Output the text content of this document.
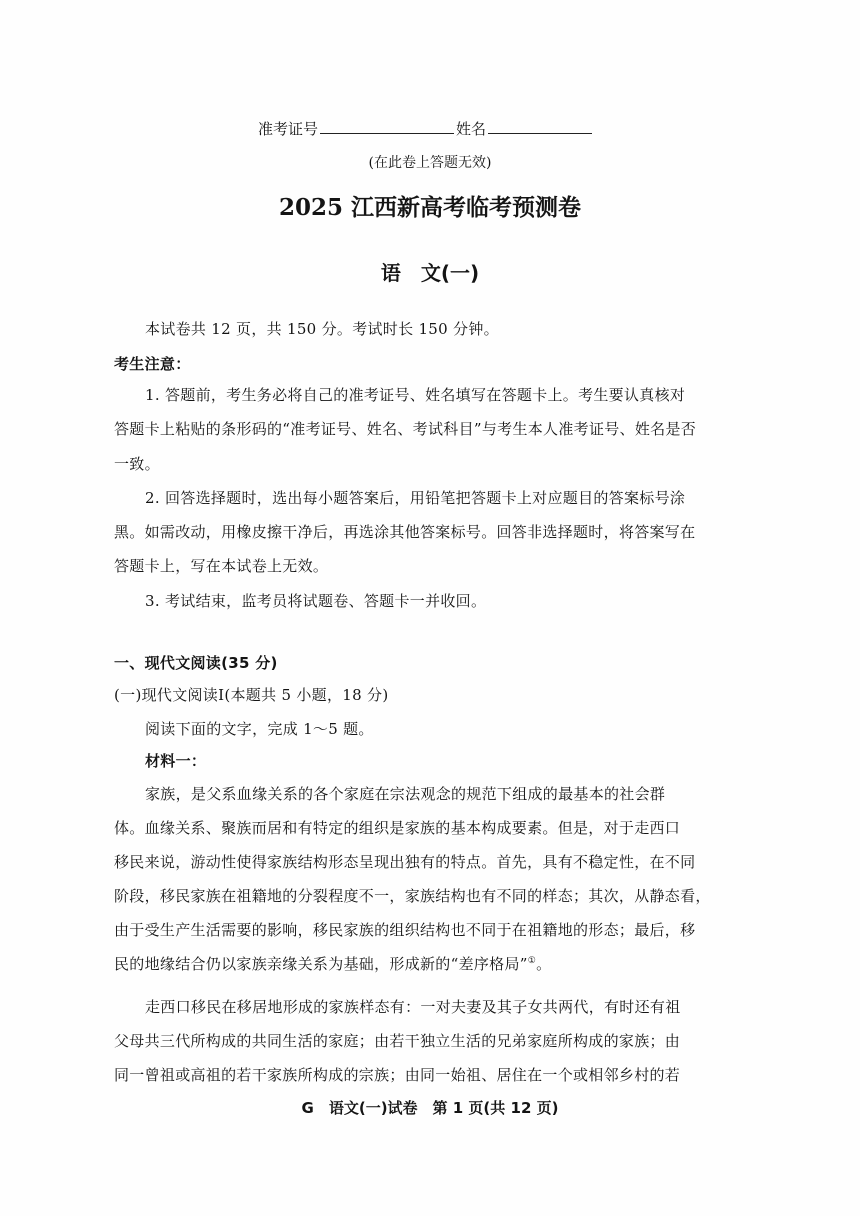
准考证号	姓名
(在此卷上答题无效)
2025 江西新高考临考预测卷
语　文(一)
本试卷共 12 页，共 150 分。考试时长 150 分钟。
考生注意：
1. 答题前，考生务必将自己的准考证号、姓名填写在答题卡上。考生要认真核对
答题卡上粘贴的条形码的“准考证号、姓名、考试科目”与考生本人准考证号、姓名是否
一致。
2. 回答选择题时，选出每小题答案后，用铅笔把答题卡上对应题目的答案标号涂
黑。如需改动，用橡皮擦干净后，再选涂其他答案标号。回答非选择题时，将答案写在
答题卡上，写在本试卷上无效。
3. 考试结束，监考员将试题卷、答题卡一并收回。
一、现代文阅读(35 分)
(一)现代文阅读Ⅰ(本题共 5 小题，18 分)
阅读下面的文字，完成 1～5 题。
材料一：
家族，是父系血缘关系的各个家庭在宗法观念的规范下组成的最基本的社会群
体。血缘关系、聚族而居和有特定的组织是家族的基本构成要素。但是，对于走西口
移民来说，游动性使得家族结构形态呈现出独有的特点。首先，具有不稳定性，在不同
阶段，移民家族在祖籍地的分裂程度不一，家族结构也有不同的样态；其次，从静态看，
由于受生产生活需要的影响，移民家族的组织结构也不同于在祖籍地的形态；最后，移
民的地缘结合仍以家族亲缘关系为基础，形成新的“差序格局”①。
走西口移民在移居地形成的家族样态有：一对夫妻及其子女共两代，有时还有祖
父母共三代所构成的共同生活的家庭；由若干独立生活的兄弟家庭所构成的家族；由
同一曾祖或高祖的若干家族所构成的宗族；由同一始祖、居住在一个或相邻乡村的若
G　语文(一)试卷　第 1 页(共 12 页)
